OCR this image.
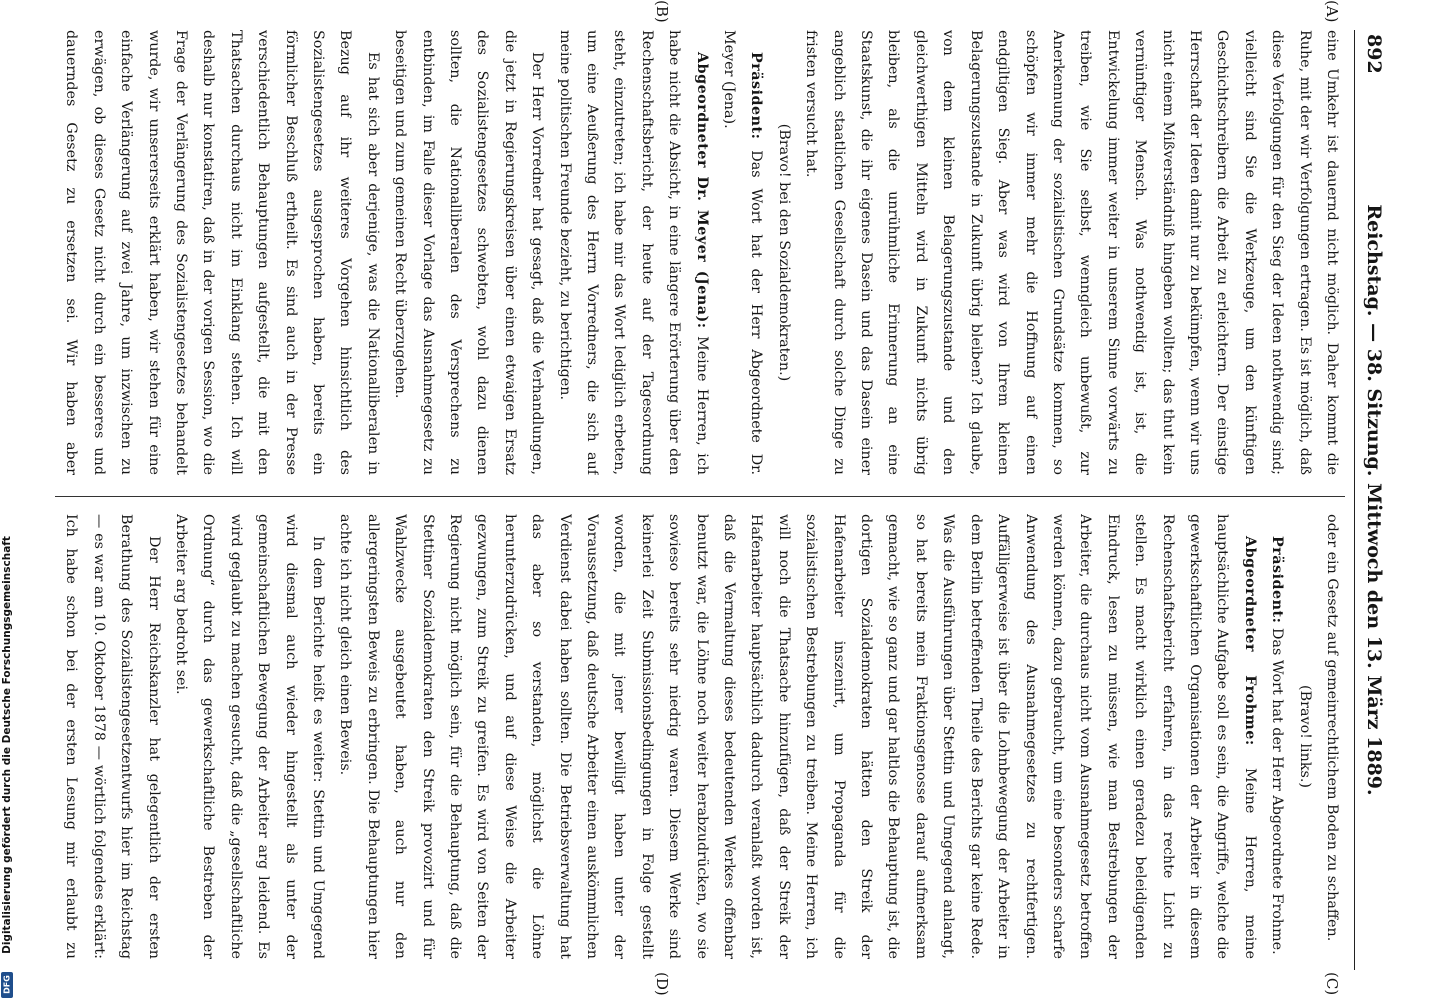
892
Reichstag. — 38. Sitzung. Mittwoch den 13. März 1889.
(A)
(B)
(C)
(D)

eine Umkehr ist dauernd nicht möglich. Daher kommt die Ruhe, mit der wir Verfolgungen ertragen. Es ist möglich, daß diese Verfolgungen für den Sieg der Ideen nothwendig sind; vielleicht sind Sie die Werkzeuge, um den künftigen Geschichtschreibern die Arbeit zu erleichtern. Der einstige Herrschaft der Ideen damit nur zu bekümpfen, wenn wir uns nicht einem Mißverständniß hingeben wollten; das thut kein vernünftiger Mensch. Was nothwendig ist, ist, die Entwickelung immer weiter in unserem Sinne vorwärts zu treiben, wie Sie selbst, wenngleich unbewußt, zur Anerkennung der sozialistischen Grundsätze kommen, so schöpfen wir immer mehr die Hoffnung auf einen endgiltigen Sieg. Aber was wird von Ihrem kleinen Belagerungszustande in Zukunft übrig bleiben? Ich glaube, von dem kleinen Belagerungszustande und den gleichwerthigen Mitteln wird in Zukunft nichts übrig bleiben, als die unrühmliche Erinnerung an eine Staatskunst, die ihr eigenes Dasein und das Dasein einer angeblich staatlichen Gesellschaft durch solche Dinge zu fristen versucht hat.

(Bravo! bei den Sozialdemokraten.)

Präsident: Das Wort hat der Herr Abgeordnete Dr. Meyer (Jena).

Abgeordneter Dr. Meyer (Jena): Meine Herren, ich habe nicht die Absicht, in eine längere Erörterung über den Rechenschaftsbericht, der heute auf der Tagesordnung steht, einzutreten; ich habe mir das Wort lediglich erbeten, um eine Aeußerung des Herrn Vorredners, die sich auf meine politischen Freunde bezieht, zu berichtigen.

Der Herr Vorredner hat gesagt, daß die Verhandlungen, die jetzt in Regierungskreisen über einen etwaigen Ersatz des Sozialistengesetzes schwebten, wohl dazu dienen sollten, die Nationalliberalen des Versprechens zu entbinden, im Falle dieser Vorlage das Ausnahmegesetz zu beseitigen und zum gemeinen Recht überzugehen.

Es hat sich aber derjenige, was die Nationalliberalen in Bezug auf ihr weiteres Vorgehen hinsichtlich des Sozialistengesetzes ausgesprochen haben, bereits ein förmlicher Beschluß ertheilt. Es sind auch in der Presse verschiedentlich Behauptungen aufgestellt, die mit den Thatsachen durchaus nicht im Einklang stehen. Ich will deshalb nur konstatiren, daß in der vorigen Session, wo die Frage der Verlängerung des Sozialistengesetzes behandelt wurde, wir unsererseits erklärt haben, wir stehen für eine einfache Verlängerung auf zwei Jahre, um inzwischen zu erwägen, ob dieses Gesetz nicht durch ein besseres und dauerndes Gesetz zu ersetzen sei. Wir haben aber

oder ein Gesetz auf gemeinrechtlichem Boden zu schaffen.

(Bravo! links.)

Präsident: Das Wort hat der Herr Abgeordnete Frohme.

Abgeordneter Frohme: Meine Herren, meine hauptsächliche Aufgabe soll es sein, die Angriffe, welche die gewerkschaftlichen Organisationen der Arbeiter in diesem Rechenschaftsbericht erfahren, in das rechte Licht zu stellen. Es macht wirklich einen geradezu beleidigenden Eindruck, lesen zu müssen, wie man Bestrebungen der Arbeiter, die durchaus nicht vom Ausnahmegesetz betroffen werden können, dazu gebraucht, um eine besonders scharfe Anwendung des Ausnahmegesetzes zu rechtfertigen. Auffälligerweise ist über die Lohnbewegung der Arbeiter in dem Berlin betreffenden Theile des Berichts gar keine Rede. Was die Ausführungen über Stettin und Umgegend anlangt, so hat bereits mein Fraktionsgenosse darauf aufmerksam gemacht, wie so ganz und gar haltlos die Behauptung ist, die dortigen Sozialdemokraten hätten den Streik der Hafenarbeiter inszenirt, um Propaganda für die sozialistischen Bestrebungen zu treiben. Meine Herren, ich will noch die Thatsache hinzufügen, daß der Streik der Hafenarbeiter hauptsächlich dadurch veranlaßt worden ist, daß die Vermaltung dieses bedeutenden Werkes offenbar benutzt war, die Löhne noch weiter herabzudrücken, wo sie sowieso bereits sehr niedrig waren. Diesem Werke sind keinerlei Zeit Submissionsbedingungen in Folge gestellt worden, die mit jener bewilligt haben unter der Voraussetzung, daß deutsche Arbeiter einen auskömmlichen Verdienst dabei haben sollten. Die Betriebsverwaltung hat das aber so verstanden, möglichst die Löhne herunterzudrücken, und auf diese Weise die Arbeiter gezwungen, zum Streik zu greifen. Es wird von Seiten der Regierung nicht möglich sein, für die Behauptung, daß die Stettiner Sozialdemokraten den Streik provozirt und für Wahlzwecke ausgebeutet haben, auch nur den allergeringsten Beweis zu erbringen. Die Behauptungen hier achte ich nicht gleich einen Beweis.

In dem Berichte heißt es weiter: Stettin und Umgegend wird diesmal auch wieder hingestellt als unter der gemeinschaftlichen Bewegung der Arbeiter arg leidend. Es wird geglaubt zu machen gesucht, daß die „gesellschaftliche Ordnung“ durch das gewerkschaftliche Bestreben der Arbeiter arg bedroht sei.

Der Herr Reichskanzler hat gelegentlich der ersten Berathung des Sozialistengesetzentwurfs hier im Reichstag — es war am 10. Oktober 1878 — wörtlich folgendes erklärt: Ich habe schon bei der ersten Lesung mir erlaubt zu

Digitalisierung gefördert durch die Deutsche Forschungsgemeinschaft
DFG
